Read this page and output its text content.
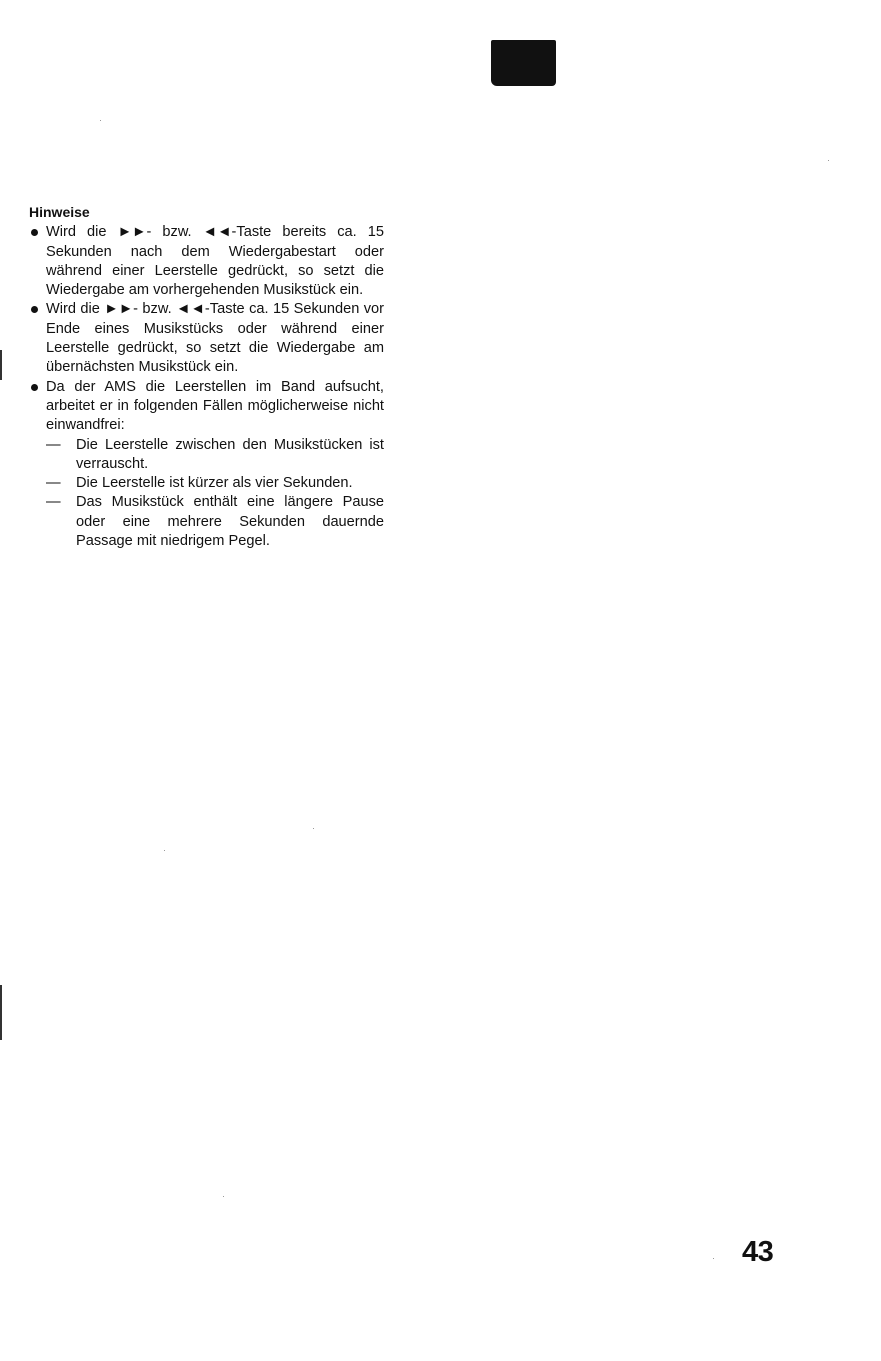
Hinweise
Wird die ►►- bzw. ◄◄-Taste bereits ca. 15 Sekunden nach dem Wiedergabestart oder während einer Leerstelle gedrückt, so setzt die Wiedergabe am vorhergehenden Musikstück ein.
Wird die ►►- bzw. ◄◄-Taste ca. 15 Sekunden vor Ende eines Musikstücks oder während einer Leerstelle gedrückt, so setzt die Wiedergabe am übernächsten Musikstück ein.
Da der AMS die Leerstellen im Band aufsucht, arbeitet er in folgenden Fällen möglicherweise nicht einwandfrei:
— Die Leerstelle zwischen den Musikstücken ist verrauscht.
— Die Leerstelle ist kürzer als vier Sekunden.
— Das Musikstück enthält eine längere Pause oder eine mehrere Sekunden dauernde Passage mit niedrigem Pegel.
43
